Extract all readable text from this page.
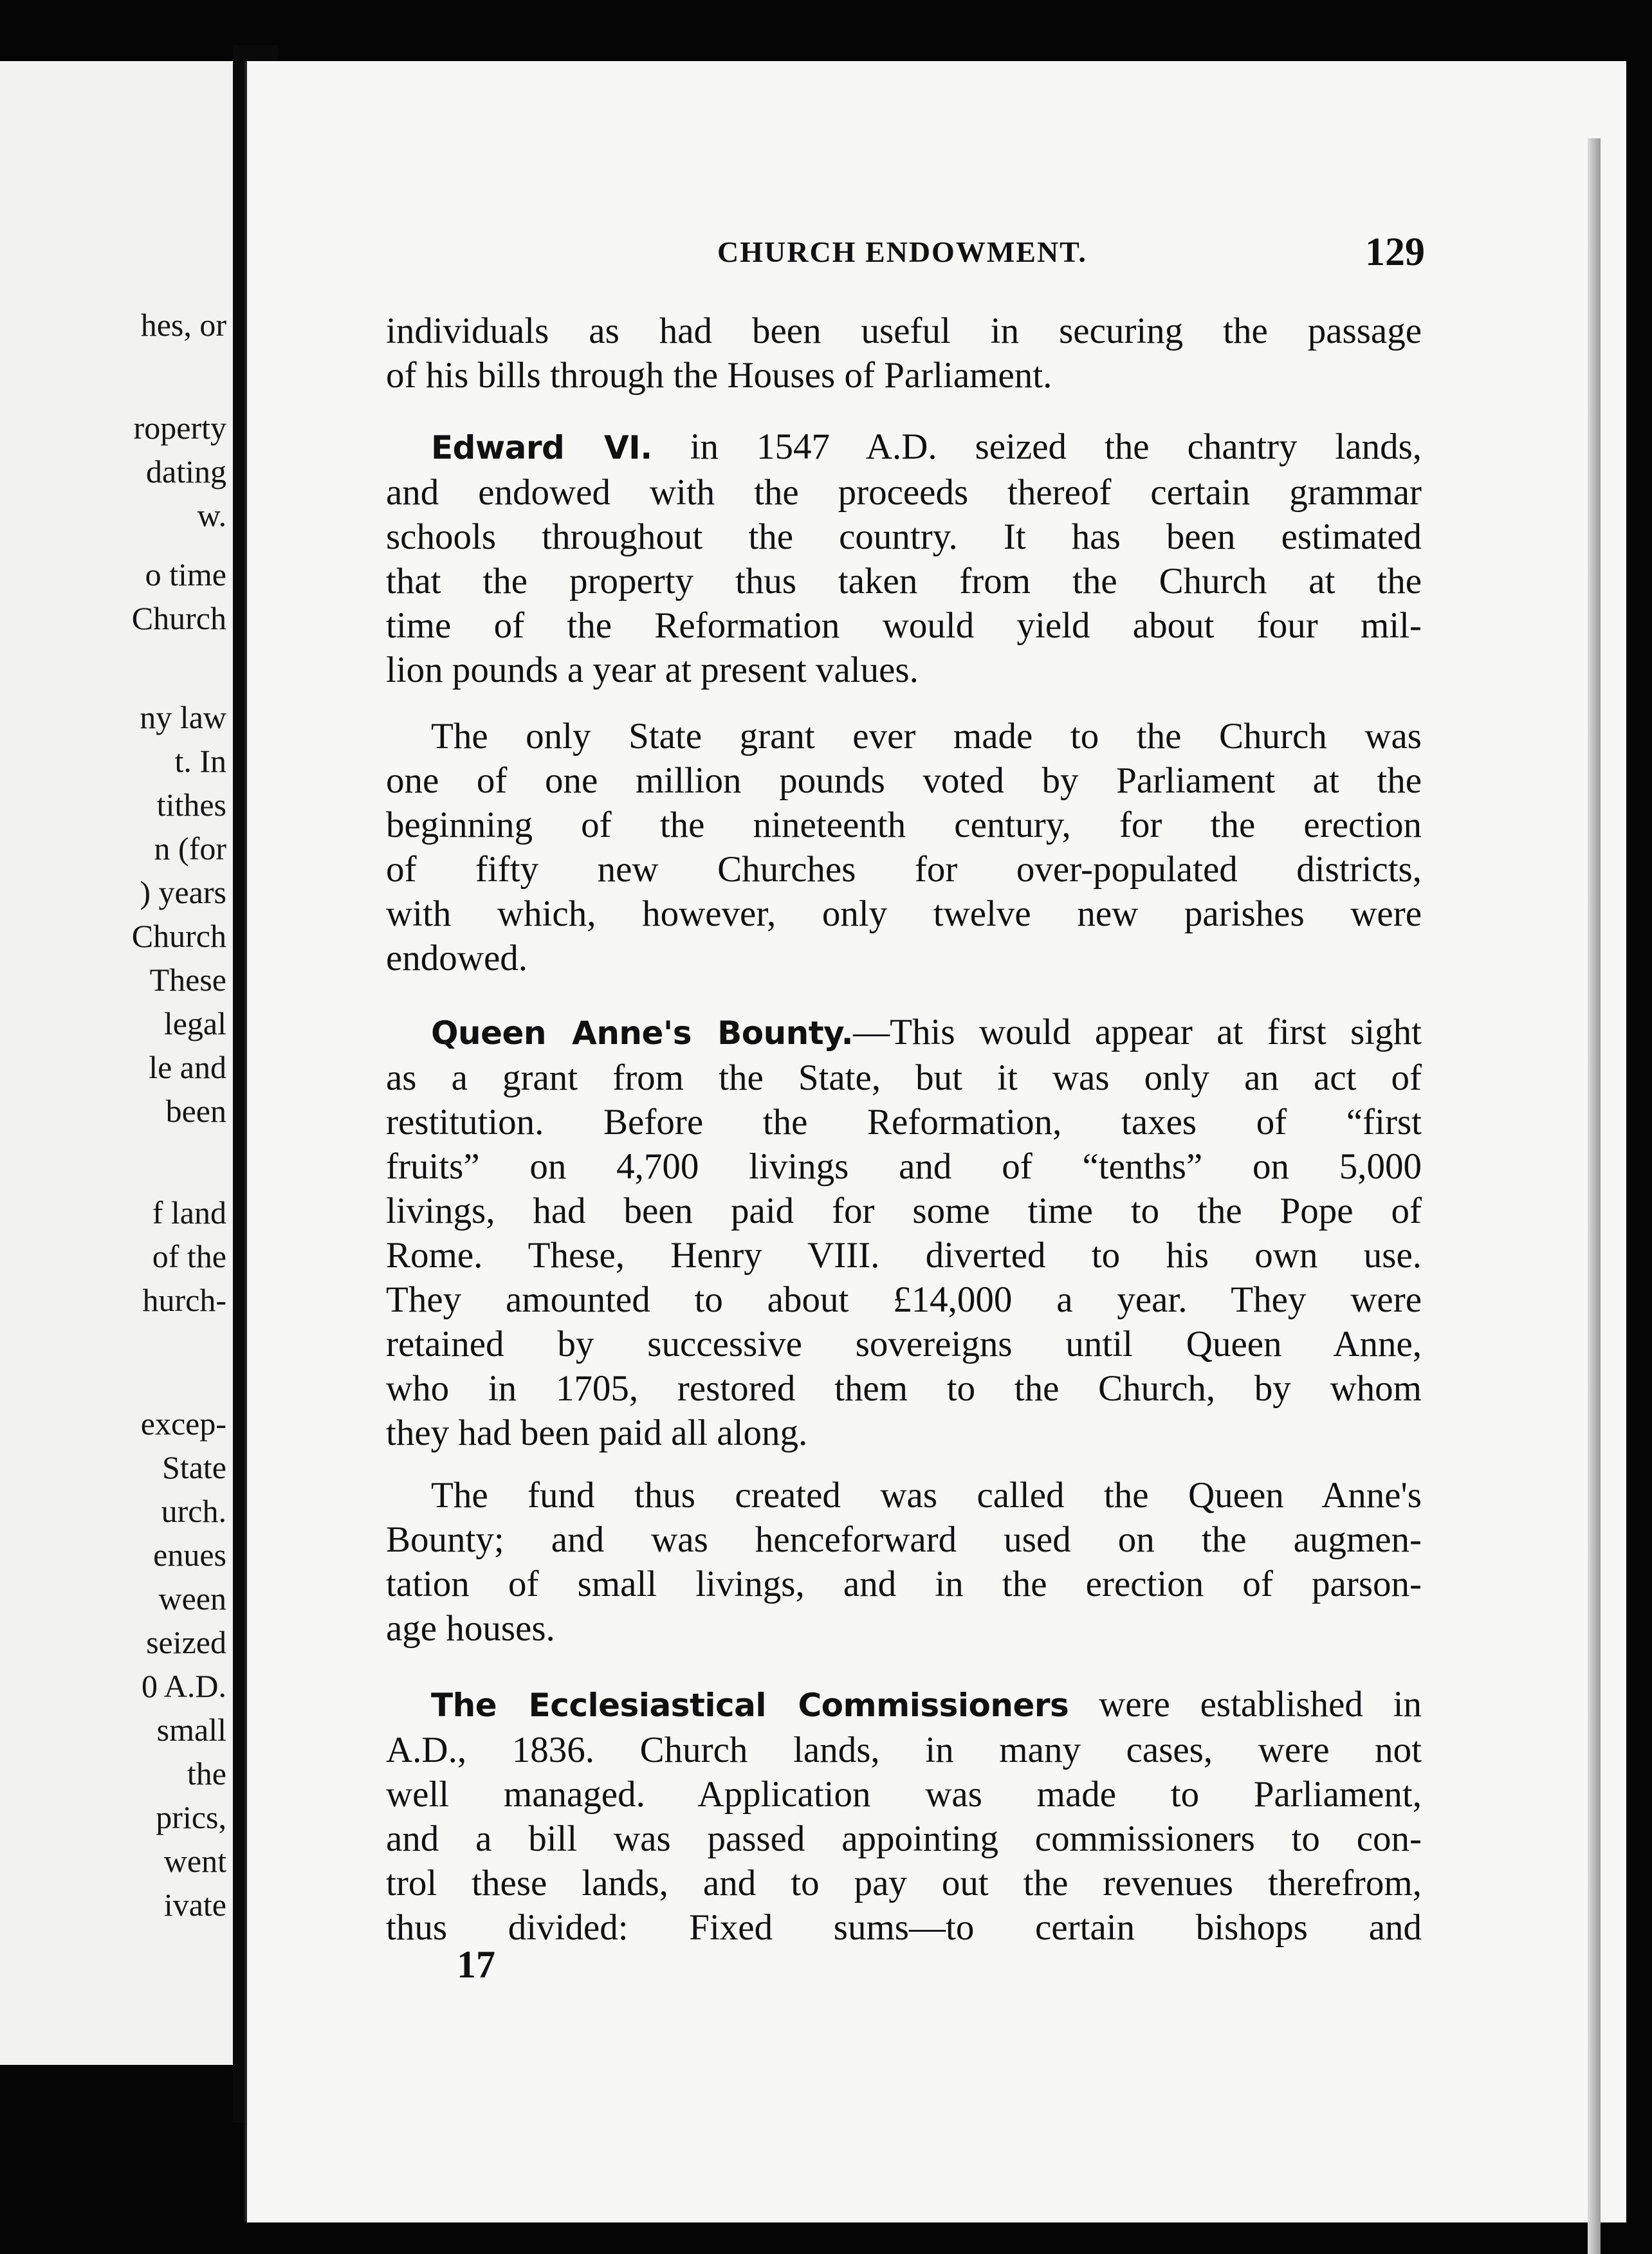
hes, or
roperty
dating
w.
o time
Church
ny law
t. In
tithes
n (for
) years
Church
These
legal
le and
been
f land
of the
hurch-
excep-
State
urch.
enues
ween
seized
0 A.D.
small
the
prics,
went
ivate
CHURCH ENDOWMENT.	129
individuals as had been useful in securing the passage
of his bills through the Houses of Parliament.
Edward VI. in 1547 A.D. seized the chantry lands,
and endowed with the proceeds thereof certain grammar
schools throughout the country. It has been estimated
that the property thus taken from the Church at the
time of the Reformation would yield about four mil-
lion pounds a year at present values.
The only State grant ever made to the Church was
one of one million pounds voted by Parliament at the
beginning of the nineteenth century, for the erection
of fifty new Churches for over-populated districts,
with which, however, only twelve new parishes were
endowed.
Queen Anne's Bounty.—This would appear at first sight
as a grant from the State, but it was only an act of
restitution. Before the Reformation, taxes of “first
fruits” on 4,700 livings and of “tenths” on 5,000
livings, had been paid for some time to the Pope of
Rome. These, Henry VIII. diverted to his own use.
They amounted to about £14,000 a year. They were
retained by successive sovereigns until Queen Anne,
who in 1705, restored them to the Church, by whom
they had been paid all along.
The fund thus created was called the Queen Anne's
Bounty; and was henceforward used on the augmen-
tation of small livings, and in the erection of parson-
age houses.
The Ecclesiastical Commissioners were established in
A.D., 1836. Church lands, in many cases, were not
well managed. Application was made to Parliament,
and a bill was passed appointing commissioners to con-
trol these lands, and to pay out the revenues therefrom,
thus divided: Fixed sums—to certain bishops and
17
